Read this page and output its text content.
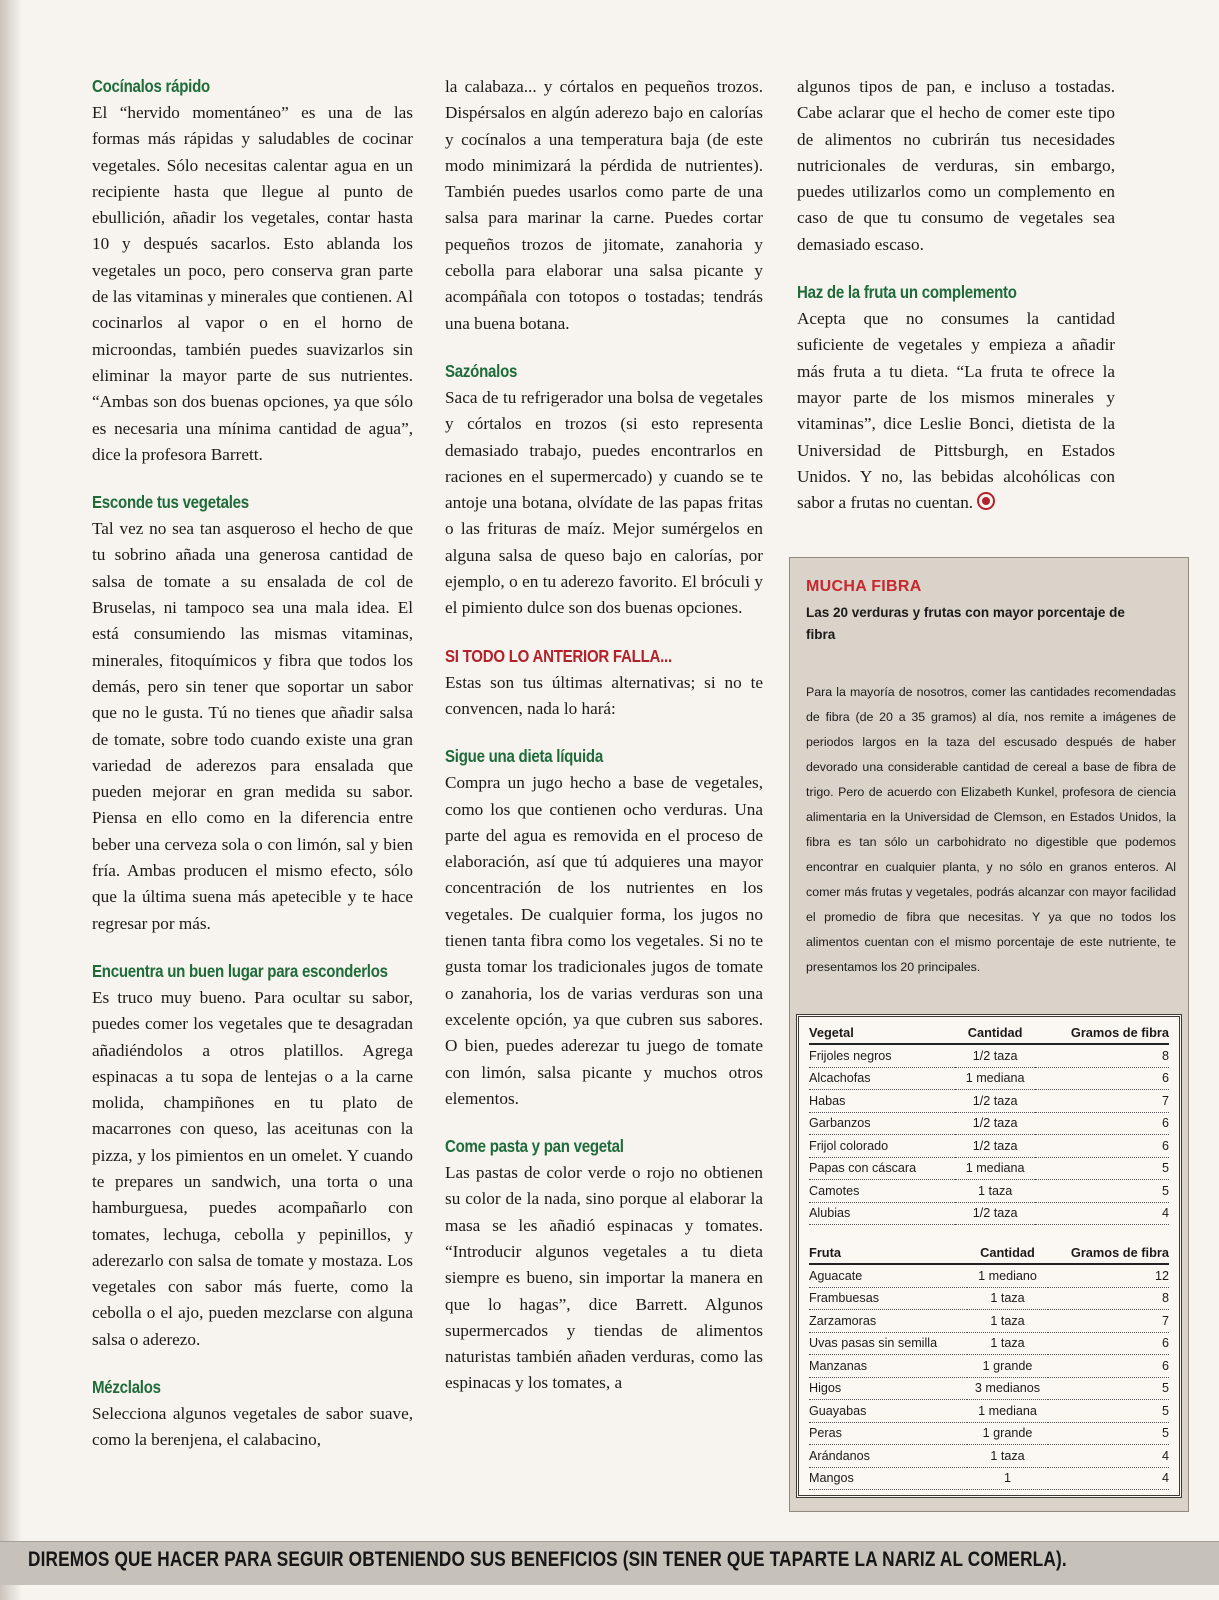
Cocínalos rápido

El “hervido momentáneo” es una de las formas más rápidas y saludables de cocinar vegetales. Sólo necesitas calentar agua en un recipiente hasta que llegue al punto de ebullición, añadir los vegetales, contar hasta 10 y después sacarlos. Esto ablanda los vegetales un poco, pero conserva gran parte de las vitaminas y minerales que contienen. Al cocinarlos al vapor o en el horno de microondas, también puedes suavizarlos sin eliminar la mayor parte de sus nutrientes. “Ambas son dos buenas opciones, ya que sólo es necesaria una mínima cantidad de agua”, dice la profesora Barrett.

Esconde tus vegetales

Tal vez no sea tan asqueroso el hecho de que tu sobrino añada una generosa cantidad de salsa de tomate a su ensalada de col de Bruselas, ni tampoco sea una mala idea. El está consumiendo las mismas vitaminas, minerales, fitoquímicos y fibra que todos los demás, pero sin tener que soportar un sabor que no le gusta. Tú no tienes que añadir salsa de tomate, sobre todo cuando existe una gran variedad de aderezos para ensalada que pueden mejorar en gran medida su sabor. Piensa en ello como en la diferencia entre beber una cerveza sola o con limón, sal y bien fría. Ambas producen el mismo efecto, sólo que la última suena más apetecible y te hace regresar por más.

Encuentra un buen lugar para esconderlos

Es truco muy bueno. Para ocultar su sabor, puedes comer los vegetales que te desagradan añadiéndolos a otros platillos. Agrega espinacas a tu sopa de lentejas o a la carne molida, champiñones en tu plato de macarrones con queso, las aceitunas con la pizza, y los pimientos en un omelet. Y cuando te prepares un sandwich, una torta o una hamburguesa, puedes acompañarlo con tomates, lechuga, cebolla y pepinillos, y aderezarlo con salsa de tomate y mostaza. Los vegetales con sabor más fuerte, como la cebolla o el ajo, pueden mezclarse con alguna salsa o aderezo.

Mézclalos

Selecciona algunos vegetales de sabor suave, como la berenjena, el calabacino,

la calabaza... y córtalos en pequeños trozos. Dispérsalos en algún aderezo bajo en calorías y cocínalos a una temperatura baja (de este modo minimizará la pérdida de nutrientes). También puedes usarlos como parte de una salsa para marinar la carne. Puedes cortar pequeños trozos de jitomate, zanahoria y cebolla para elaborar una salsa picante y acompáñala con totopos o tostadas; tendrás una buena botana.

Sazónalos

Saca de tu refrigerador una bolsa de vegetales y córtalos en trozos (si esto representa demasiado trabajo, puedes encontrarlos en raciones en el supermercado) y cuando se te antoje una botana, olvídate de las papas fritas o las frituras de maíz. Mejor sumérgelos en alguna salsa de queso bajo en calorías, por ejemplo, o en tu aderezo favorito. El bróculi y el pimiento dulce son dos buenas opciones.

SI TODO LO ANTERIOR FALLA...

Estas son tus últimas alternativas; si no te convencen, nada lo hará:

Sigue una dieta líquida

Compra un jugo hecho a base de vegetales, como los que contienen ocho verduras. Una parte del agua es removida en el proceso de elaboración, así que tú adquieres una mayor concentración de los nutrientes en los vegetales. De cualquier forma, los jugos no tienen tanta fibra como los vegetales. Si no te gusta tomar los tradicionales jugos de tomate o zanahoria, los de varias verduras son una excelente opción, ya que cubren sus sabores. O bien, puedes aderezar tu juego de tomate con limón, salsa picante y muchos otros elementos.

Come pasta y pan vegetal

Las pastas de color verde o rojo no obtienen su color de la nada, sino porque al elaborar la masa se les añadió espinacas y tomates. “Introducir algunos vegetales a tu dieta siempre es bueno, sin importar la manera en que lo hagas”, dice Barrett. Algunos supermercados y tiendas de alimentos naturistas también añaden verduras, como las espinacas y los tomates, a

algunos tipos de pan, e incluso a tostadas. Cabe aclarar que el hecho de comer este tipo de alimentos no cubrirán tus necesidades nutricionales de verduras, sin embargo, puedes utilizarlos como un complemento en caso de que tu consumo de vegetales sea demasiado escaso.

Haz de la fruta un complemento

Acepta que no consumes la cantidad suficiente de vegetales y empieza a añadir más fruta a tu dieta. “La fruta te ofrece la mayor parte de los mismos minerales y vitaminas”, dice Leslie Bonci, dietista de la Universidad de Pittsburgh, en Estados Unidos. Y no, las bebidas alcohólicas con sabor a frutas no cuentan.

MUCHA FIBRA
Las 20 verduras y frutas con mayor porcentaje de fibra
Para la mayoría de nosotros, comer las cantidades recomendadas de fibra (de 20 a 35 gramos) al día, nos remite a imágenes de periodos largos en la taza del escusado después de haber devorado una considerable cantidad de cereal a base de fibra de trigo. Pero de acuerdo con Elizabeth Kunkel, profesora de ciencia alimentaria en la Universidad de Clemson, en Estados Unidos, la fibra es tan sólo un carbohidrato no digestible que podemos encontrar en cualquier planta, y no sólo en granos enteros. Al comer más frutas y vegetales, podrás alcanzar con mayor facilidad el promedio de fibra que necesitas. Y ya que no todos los alimentos cuentan con el mismo porcentaje de este nutriente, te presentamos los 20 principales.
Vegetal	Cantidad	Gramos de fibra
Frijoles negros	1/2 taza	8
Alcachofas	1 mediana	6
Habas	1/2 taza	7
Garbanzos	1/2 taza	6
Frijol colorado	1/2 taza	6
Papas con cáscara	1 mediana	5
Camotes	1 taza	5
Alubias	1/2 taza	4
Fruta	Cantidad	Gramos de fibra
Aguacate	1 mediano	12
Frambuesas	1 taza	8
Zarzamoras	1 taza	7
Uvas pasas sin semilla	1 taza	6
Manzanas	1 grande	6
Higos	3 medianos	5
Guayabas	1 mediana	5
Peras	1 grande	5
Arándanos	1 taza	4
Mangos	1	4
DIREMOS QUE HACER PARA SEGUIR OBTENIENDO SUS BENEFICIOS (SIN TENER QUE TAPARTE LA NARIZ AL COMERLA).
